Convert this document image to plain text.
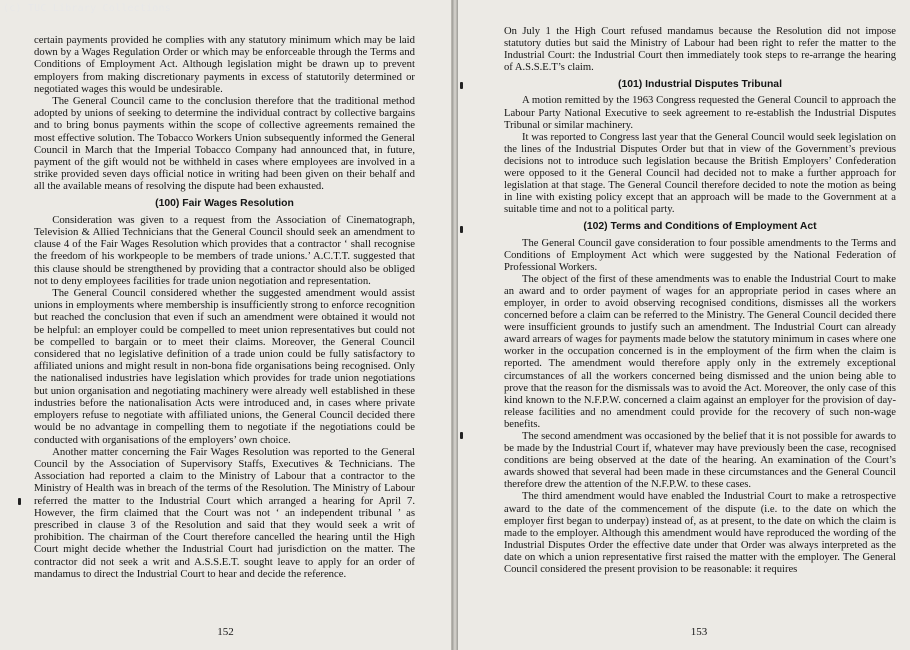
(c) TUC Library Collections

certain payments provided he complies with any statutory minimum which may be laid down by a Wages Regulation Order or which may be enforceable through the Terms and Conditions of Employment Act. Although legislation might be drawn up to prevent employers from making discretionary payments in excess of statutorily determined or negotiated wages this would be undesirable.

The General Council came to the conclusion therefore that the traditional method adopted by unions of seeking to determine the individual contract by collective bargains and to bring bonus payments within the scope of collective agreements remained the most effective solution. The Tobacco Workers Union subsequently informed the General Council in March that the Imperial Tobacco Company had announced that, in future, payment of the gift would not be withheld in cases where employees are involved in a strike provided seven days official notice in writing had been given on their behalf and all the available means of resolving the dispute had been exhausted.

(100) Fair Wages Resolution

Consideration was given to a request from the Association of Cinematograph, Television & Allied Technicians that the General Council should seek an amendment to clause 4 of the Fair Wages Resolution which provides that a contractor ‘ shall recognise the freedom of his workpeople to be members of trade unions.’ A.C.T.T. suggested that this clause should be strengthened by providing that a contractor should also be obliged not to deny employees facilities for trade union negotiation and representation.

The General Council considered whether the suggested amendment would assist unions in employments where membership is insufficiently strong to enforce recognition but reached the conclusion that even if such an amendment were obtained it would not be helpful: an employer could be compelled to meet union representatives but could not be compelled to bargain or to meet their claims. Moreover, the General Council considered that no legislative definition of a trade union could be fully satisfactory to affiliated unions and might result in non-bona fide organisations being recognised. Only the nationalised industries have legislation which provides for trade union negotiations but union organisation and negotiating machinery were already well established in these industries before the nationalisation Acts were introduced and, in cases where private employers refuse to negotiate with affiliated unions, the General Council decided there would be no advantage in compelling them to negotiate if the negotiations could be conducted with organisations of the employers’ own choice.

Another matter concerning the Fair Wages Resolution was reported to the General Council by the Association of Supervisory Staffs, Executives & Technicians. The Association had reported a claim to the Ministry of Labour that a contractor to the Ministry of Health was in breach of the terms of the Resolution. The Ministry of Labour referred the matter to the Industrial Court which arranged a hearing for April 7. However, the firm claimed that the Court was not ‘ an independent tribunal ’ as prescribed in clause 3 of the Resolution and said that they would seek a writ of prohibition. The chairman of the Court therefore cancelled the hearing until the High Court might decide whether the Industrial Court had jurisdiction on the matter. The contractor did not seek a writ and A.S.S.E.T. sought leave to apply for an order of mandamus to direct the Industrial Court to hear and decide the reference.

152

On July 1 the High Court refused mandamus because the Resolution did not impose statutory duties but said the Ministry of Labour had been right to refer the matter to the Industrial Court: the Industrial Court then immediately took steps to re-arrange the hearing of A.S.S.E.T’s claim.

(101) Industrial Disputes Tribunal

A motion remitted by the 1963 Congress requested the General Council to approach the Labour Party National Executive to seek agreement to re-establish the Industrial Disputes Tribunal or similar machinery.

It was reported to Congress last year that the General Council would seek legislation on the lines of the Industrial Disputes Order but that in view of the Government’s previous decisions not to introduce such legislation because the British Employers’ Confederation were opposed to it the General Council had decided not to make a further approach for legislation at that stage. The General Council therefore decided to note the motion as being in line with existing policy except that an approach will be made to the Government at a suitable time and not to a political party.

(102) Terms and Conditions of Employment Act

The General Council gave consideration to four possible amendments to the Terms and Conditions of Employment Act which were suggested by the National Federation of Professional Workers.

The object of the first of these amendments was to enable the Industrial Court to make an award and to order payment of wages for an appropriate period in cases where an employer, in order to avoid observing recognised conditions, dismisses all the workers concerned before a claim can be referred to the Ministry. The General Council decided there were insufficient grounds to justify such an amendment. The Industrial Court can already award arrears of wages for payments made below the statutory minimum in cases where one worker in the occupation concerned is in the employment of the firm when the claim is reported. The amendment would therefore apply only in the extremely exceptional circumstances of all the workers concerned being dismissed and the union being able to prove that the reason for the dismissals was to avoid the Act. Moreover, the only case of this kind known to the N.F.P.W. concerned a claim against an employer for the provision of day-release facilities and no amendment could provide for the recovery of such non-wage benefits.

The second amendment was occasioned by the belief that it is not possible for awards to be made by the Industrial Court if, whatever may have previously been the case, recognised conditions are being observed at the date of the hearing. An examination of the Court’s awards showed that several had been made in these circumstances and the General Council therefore drew the attention of the N.F.P.W. to these cases.

The third amendment would have enabled the Industrial Court to make a retrospective award to the date of the commencement of the dispute (i.e. to the date on which the employer first began to underpay) instead of, as at present, to the date on which the claim is made to the employer. Although this amendment would have reproduced the wording of the Industrial Disputes Order the effective date under that Order was always interpreted as the date on which a union representative first raised the matter with the employer. The General Council considered the present provision to be reasonable: it requires

153
